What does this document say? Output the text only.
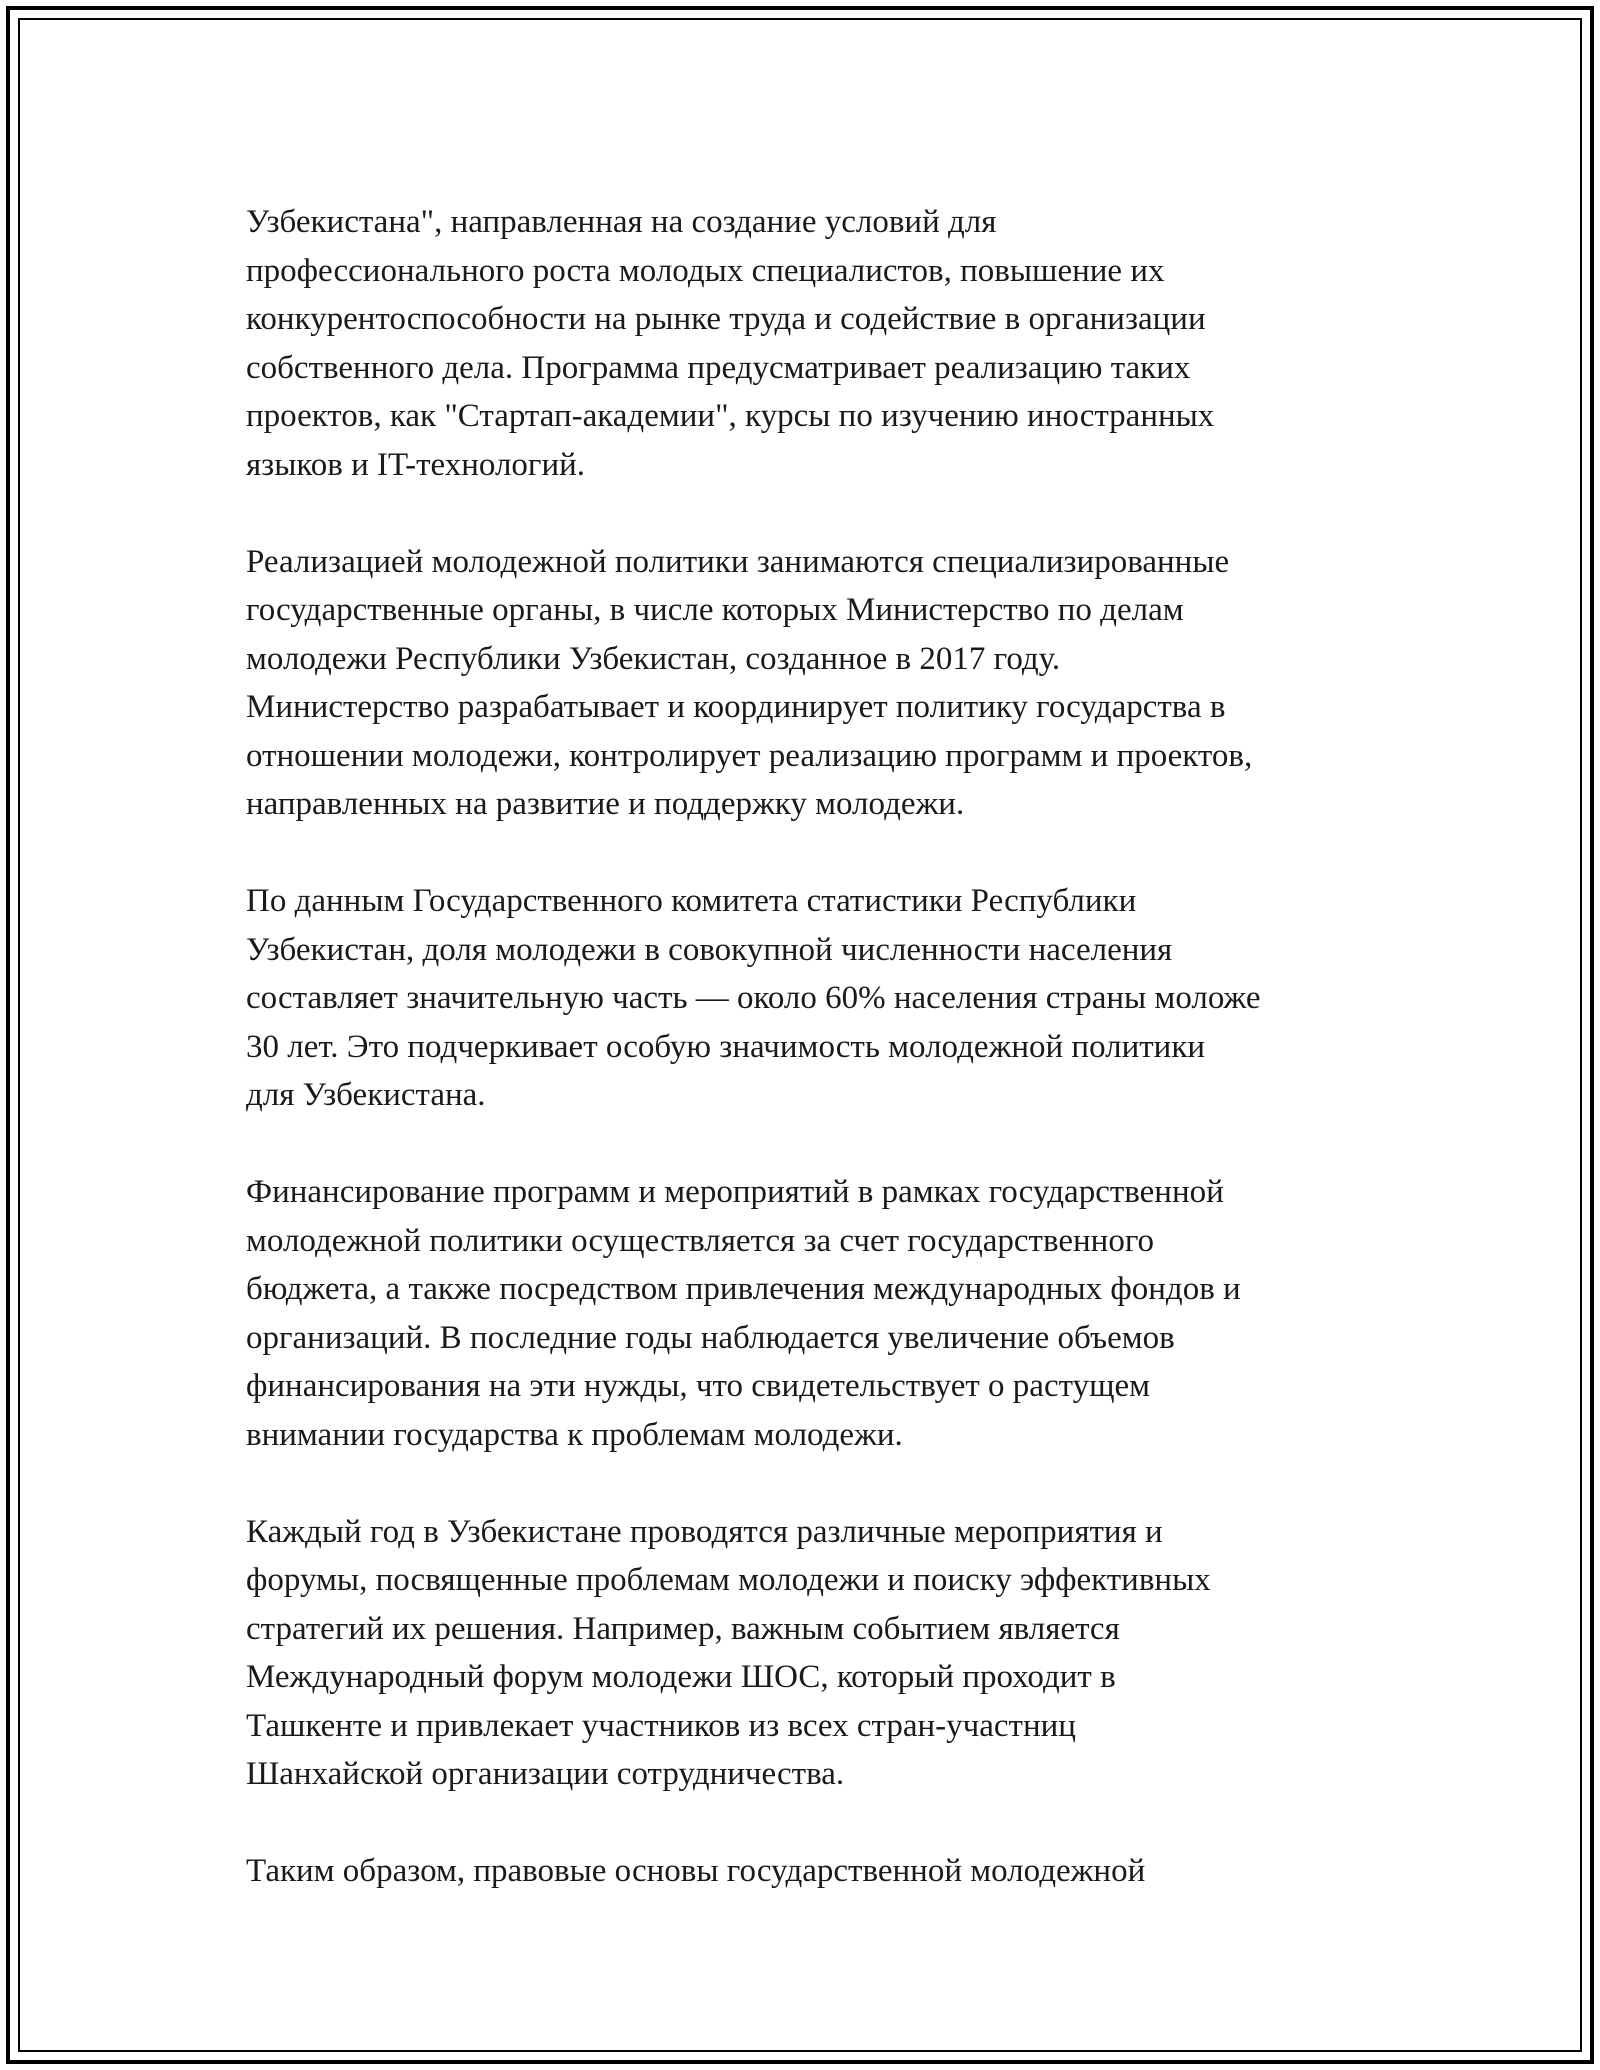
Узбекистана", направленная на создание условий для
профессионального роста молодых специалистов, повышение их
конкурентоспособности на рынке труда и содействие в организации
собственного дела. Программа предусматривает реализацию таких
проектов, как "Стартап-академии", курсы по изучению иностранных
языков и IT-технологий.
Реализацией молодежной политики занимаются специализированные
государственные органы, в числе которых Министерство по делам
молодежи Республики Узбекистан, созданное в 2017 году.
Министерство разрабатывает и координирует политику государства в
отношении молодежи, контролирует реализацию программ и проектов,
направленных на развитие и поддержку молодежи.
По данным Государственного комитета статистики Республики
Узбекистан, доля молодежи в совокупной численности населения
составляет значительную часть — около 60% населения страны моложе
30 лет. Это подчеркивает особую значимость молодежной политики
для Узбекистана.
Финансирование программ и мероприятий в рамках государственной
молодежной политики осуществляется за счет государственного
бюджета, а также посредством привлечения международных фондов и
организаций. В последние годы наблюдается увеличение объемов
финансирования на эти нужды, что свидетельствует о растущем
внимании государства к проблемам молодежи.
Каждый год в Узбекистане проводятся различные мероприятия и
форумы, посвященные проблемам молодежи и поиску эффективных
стратегий их решения. Например, важным событием является
Международный форум молодежи ШОС, который проходит в
Ташкенте и привлекает участников из всех стран-участниц
Шанхайской организации сотрудничества.
Таким образом, правовые основы государственной молодежной
